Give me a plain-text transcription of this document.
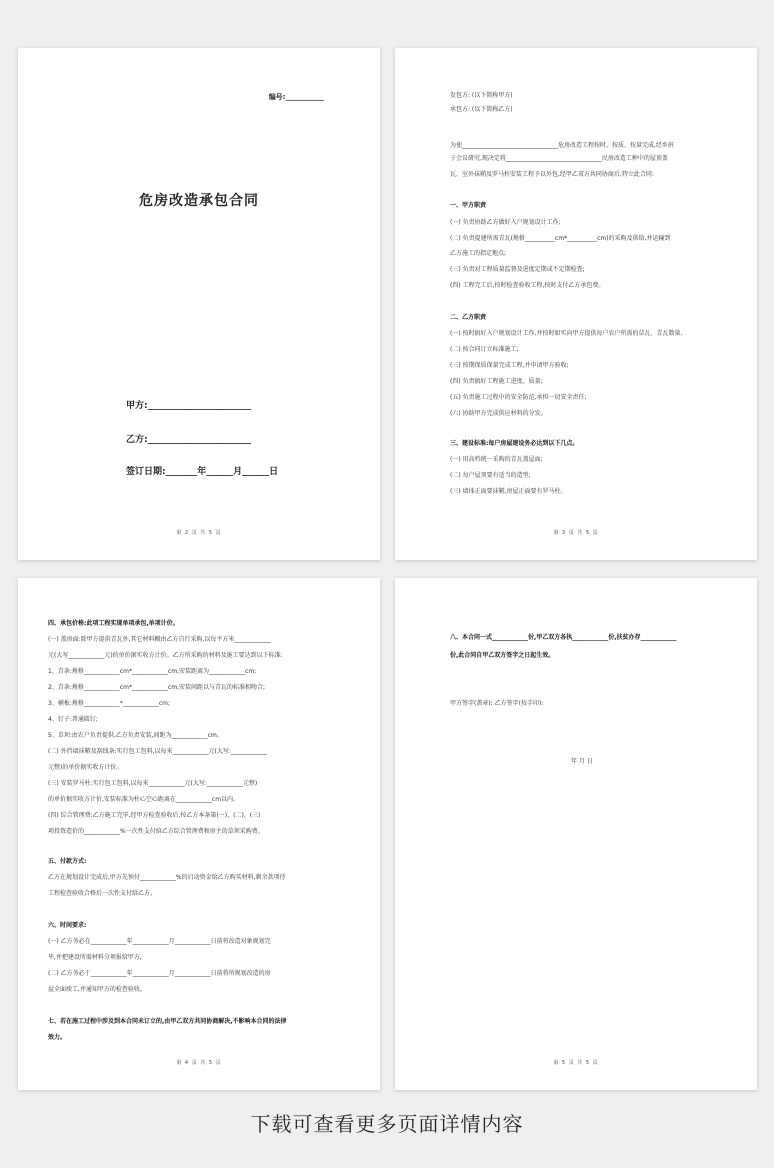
编号:___________
危房改造承包合同
甲方:_______________________
乙方:_______________________
签订日期:_______年______月______日
第 2 页 共 5 页
发包方: (以下简称甲方)
承包方: (以下简称乙方)
为使________________________________危房改造工程按时、按质、按量完成,经乡班
子会议研究,现决定将________________________________民房改造工种中的屋顶盖
瓦、室外抹鞘及罗马柱安装工程予以外包,经甲乙双方共同协商后,特立此合同:
一、甲方职责
(一) 负责协助乙方做好入户规划设计工作;
(二) 负责提建所需青瓦(规格__________cm*__________cm)的采购及供给,并运输到
乙方施工的指定地点;
(三) 负责对工程质量监督及进度定期或不定期检查;
(四) 工程完工后,按时检查验收工程,按时支付乙方承包费。
二、乙方职责
(一) 按时搞好入户规划设计工作,并按时如实向甲方提供每户农户所需的草瓦、青瓦数量。
(二) 按合同订立标准施工;
(三) 按期保质保量完成工程,并申请甲方验收;
(四) 负责搞好工程施工进度、质量;
(五) 负责施工过程中的安全防范,承担一切安全责任;
(六) 协助甲方完成供应材料的分发。
三、建设标准:每户房屋建设务必达到以下几点。
(一) 用高档统一采购的青瓦盖屋面;
(二) 每户屋顶要有适当的造型;
(三) 墙体正面要抹鞘,房屋正面要有罗马柱。
第 3 页 共 5 页
四、承包价格:此项工程实现单项承包,单项计价。
(一) 盖房面:除甲方提供青瓦外,其它材料概由乙方自行采购,以每平方米____________
元(大写____________元)的单价据实收方计价。乙方所采购的材料及施工要达到以下标准:
1、青条:规格____________cm*____________cm,安装距离为____________cm;
2、青条:规格____________cm*____________cm,安装间距以与青瓦的标准相吻合;
3、横板:规格____________*____________cm;
4、钉子:普通圆钉;
5、草坝:由农户负责提供,乙方负责安装,间距为____________cm。
(二) 外挡墙抹鞘及刮线条:实行包工包料,以每米____________元(大写:____________
元整)的单价据实收方计价。
(三) 安装罗马柱:实行包工包料,以每米____________元(大写:____________元整)
的单价据实收方计价,安装标准为柱心空心距离在____________cm以内。
(四) 综合管理费:乙方施工完毕,经甲方检查验收后,按乙方本条第(一)、(二)、(三)
项投资造价的____________%一次性支付给乙方综合管理费和房主的草坝采购费。
五、付款方式:
乙方在规划设计完成后,甲方先预付____________%的启动资金给乙方购买材料,剩余款项待
工程检查验收合格后一次性支付给乙方。
六、时间要求:
(一) 乙方务必在____________年____________月____________日前将改造对象规划完
毕,并把建设所需材料分项报给甲方;
(二) 乙方务必于____________年____________月____________日前将所规划改造的房
屋全面竣工,并通知甲方的检查验收。
七、若在施工过程中涉及到本合同未订立的,由甲乙双方共同协商解决,不影响本合同的法律
效力。
第 4 页 共 5 页
八、本合同一式____________份,甲乙双方各执____________份,扶贫办存____________
份,此合同自甲乙双方签字之日起生效。
甲方签字(盖章): 乙方签字(按手印):
年 月 日
第 5 页 共 5 页
下载可查看更多页面详情内容
